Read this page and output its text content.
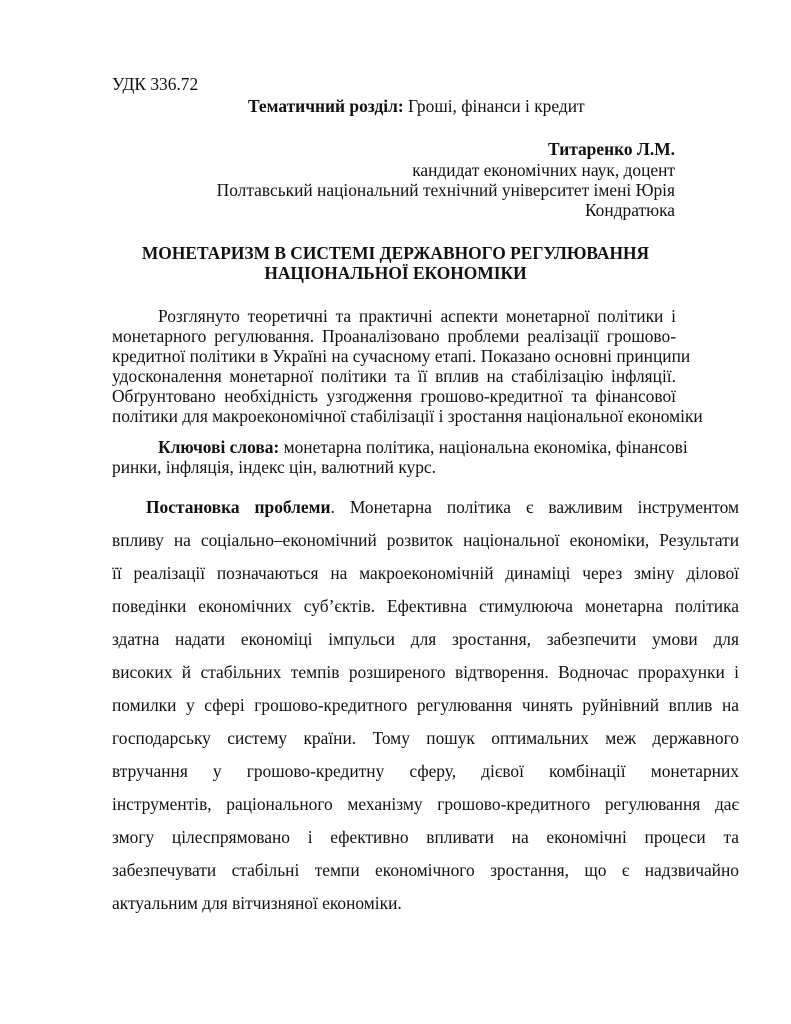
УДК 336.72
Тематичний розділ: Гроші, фінанси і кредит
Титаренко Л.М.
кандидат економічних наук, доцент
Полтавський національний технічний університет імені Юрія
Кондратюка
МОНЕТАРИЗМ В СИСТЕМІ ДЕРЖАВНОГО РЕГУЛЮВАННЯ
НАЦІОНАЛЬНОЇ ЕКОНОМІКИ
Розглянуто теоретичні та практичні аспекти монетарної політики і
монетарного регулювання. Проаналізовано проблеми реалізації грошово-
кредитної політики в Україні на сучасному етапі. Показано основні принципи
удосконалення монетарної політики та її вплив на стабілізацію інфляції.
Обґрунтовано необхідність узгодження грошово-кредитної та фінансової
політики для макроекономічної стабілізації і зростання національної економіки
Ключові слова: монетарна політика, національна економіка, фінансові
ринки, інфляція, індекс цін, валютний курс.
Постановка проблеми. Монетарна політика є важливим інструментом
впливу на соціально–економічний розвиток національної економіки, Результати
її реалізації позначаються на макроекономічній динаміці через зміну ділової
поведінки економічних суб’єктів. Ефективна стимулююча монетарна політика
здатна надати економіці імпульси для зростання, забезпечити умови для
високих й стабільних темпів розширеного відтворення. Водночас прорахунки і
помилки у сфері грошово-кредитного регулювання чинять руйнівний вплив на
господарську систему країни. Тому пошук оптимальних меж державного
втручання у грошово-кредитну сферу, дієвої комбінації монетарних
інструментів, раціонального механізму грошово-кредитного регулювання дає
змогу цілеспрямовано і ефективно впливати на економічні процеси та
забезпечувати стабільні темпи економічного зростання, що є надзвичайно
актуальним для вітчизняної економіки.
